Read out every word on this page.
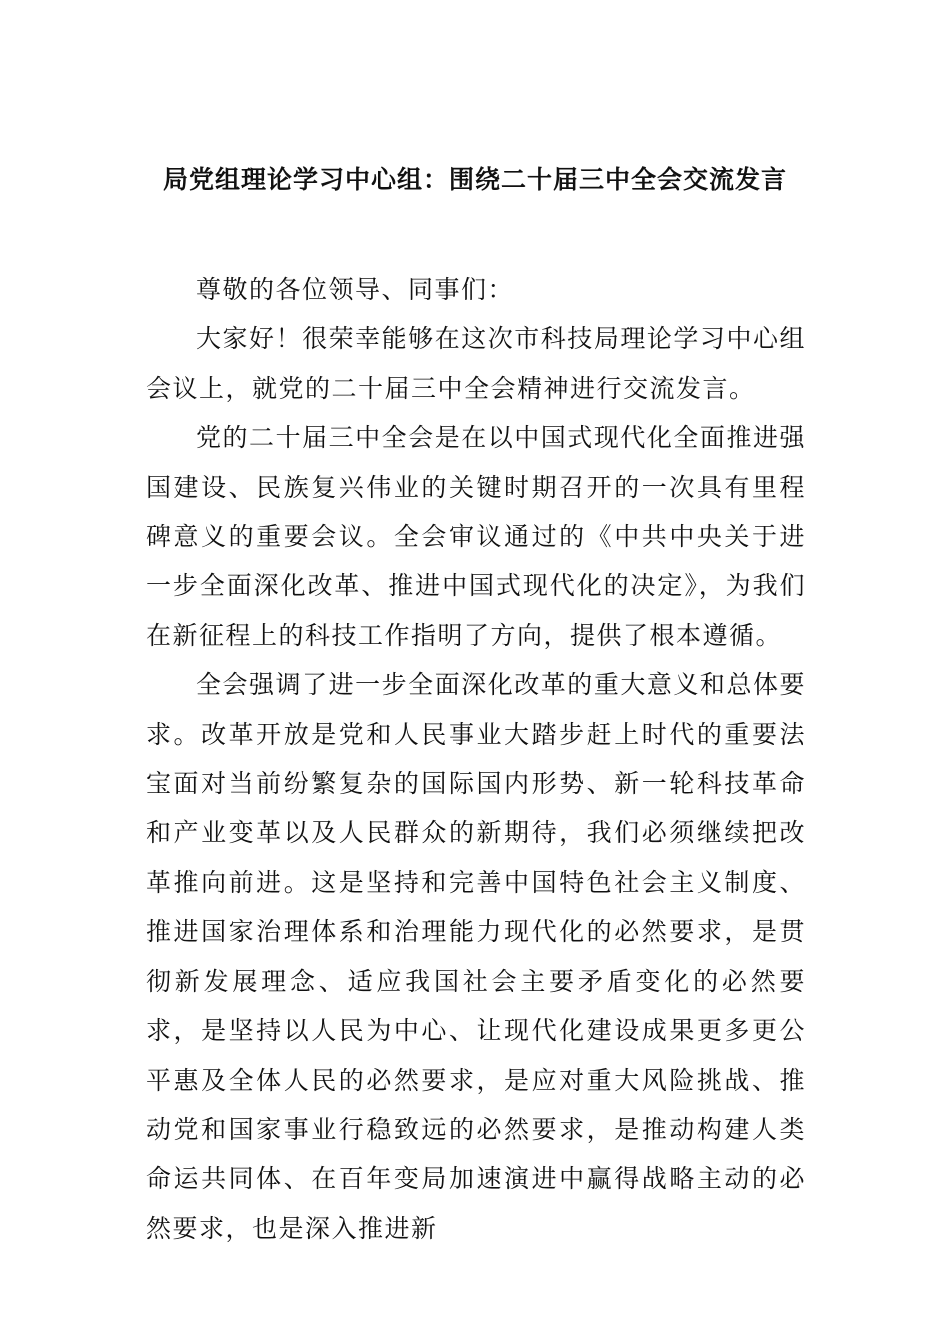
局党组理论学习中心组：围绕二十届三中全会交流发言

尊敬的各位领导、同事们：

大家好！很荣幸能够在这次市科技局理论学习中心组会议上，就党的二十届三中全会精神进行交流发言。

党的二十届三中全会是在以中国式现代化全面推进强国建设、民族复兴伟业的关键时期召开的一次具有里程碑意义的重要会议。全会审议通过的《中共中央关于进一步全面深化改革、推进中国式现代化的决定》，为我们在新征程上的科技工作指明了方向，提供了根本遵循。

全会强调了进一步全面深化改革的重大意义和总体要求。改革开放是党和人民事业大踏步赶上时代的重要法宝面对当前纷繁复杂的国际国内形势、新一轮科技革命和产业变革以及人民群众的新期待，我们必须继续把改革推向前进。这是坚持和完善中国特色社会主义制度、推进国家治理体系和治理能力现代化的必然要求，是贯彻新发展理念、适应我国社会主要矛盾变化的必然要求，是坚持以人民为中心、让现代化建设成果更多更公平惠及全体人民的必然要求，是应对重大风险挑战、推动党和国家事业行稳致远的必然要求，是推动构建人类命运共同体、在百年变局加速演进中赢得战略主动的必然要求，也是深入推进新
